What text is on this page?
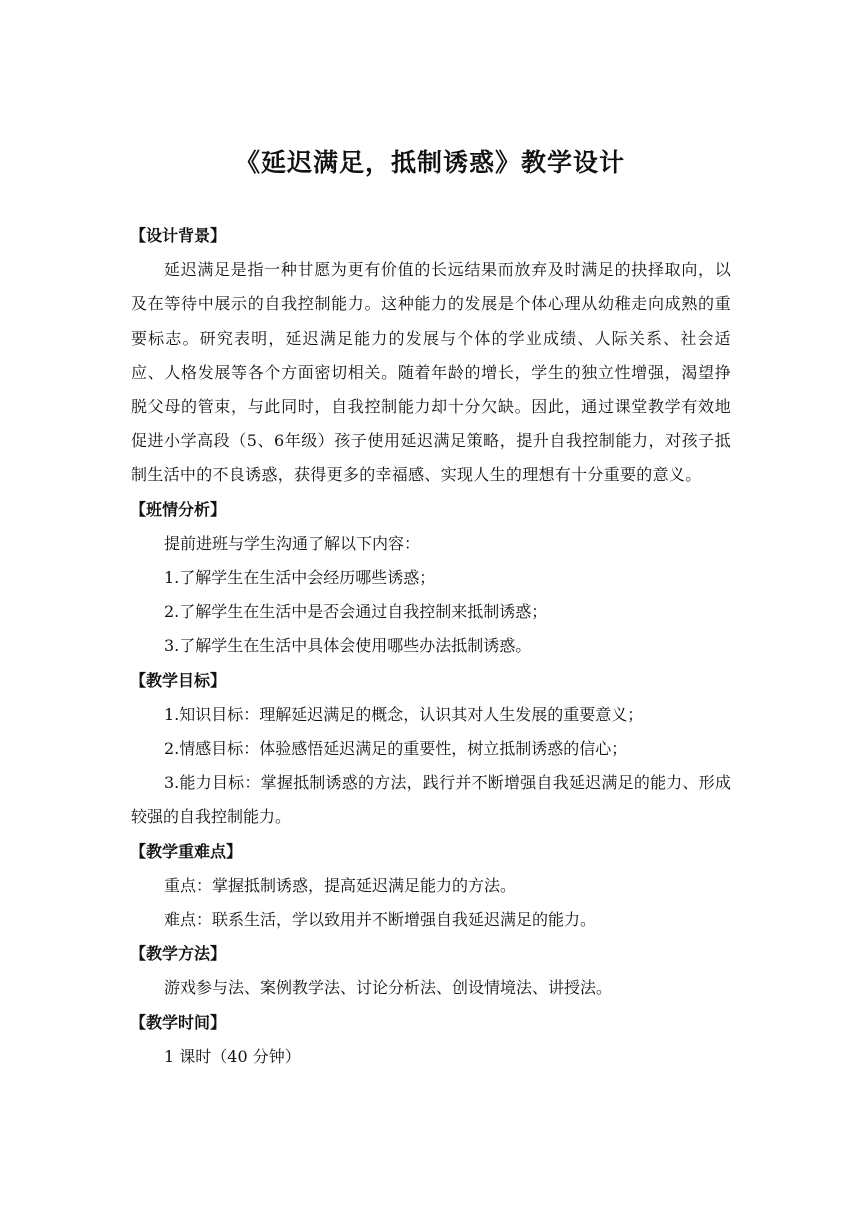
《延迟满足，抵制诱惑》教学设计
【设计背景】
延迟满足是指一种甘愿为更有价值的长远结果而放弃及时满足的抉择取向，以及在等待中展示的自我控制能力。这种能力的发展是个体心理从幼稚走向成熟的重要标志。研究表明，延迟满足能力的发展与个体的学业成绩、人际关系、社会适应、人格发展等各个方面密切相关。随着年龄的增长，学生的独立性增强，渴望挣脱父母的管束，与此同时，自我控制能力却十分欠缺。因此，通过课堂教学有效地促进小学高段（5、6年级）孩子使用延迟满足策略，提升自我控制能力，对孩子抵制生活中的不良诱惑，获得更多的幸福感、实现人生的理想有十分重要的意义。
【班情分析】
提前进班与学生沟通了解以下内容：
1.了解学生在生活中会经历哪些诱惑；
2.了解学生在生活中是否会通过自我控制来抵制诱惑；
3.了解学生在生活中具体会使用哪些办法抵制诱惑。
【教学目标】
1.知识目标：理解延迟满足的概念，认识其对人生发展的重要意义；
2.情感目标：体验感悟延迟满足的重要性，树立抵制诱惑的信心；
3.能力目标：掌握抵制诱惑的方法，践行并不断增强自我延迟满足的能力、形成较强的自我控制能力。
【教学重难点】
重点：掌握抵制诱惑，提高延迟满足能力的方法。
难点：联系生活，学以致用并不断增强自我延迟满足的能力。
【教学方法】
游戏参与法、案例教学法、讨论分析法、创设情境法、讲授法。
【教学时间】
1 课时（40 分钟）
